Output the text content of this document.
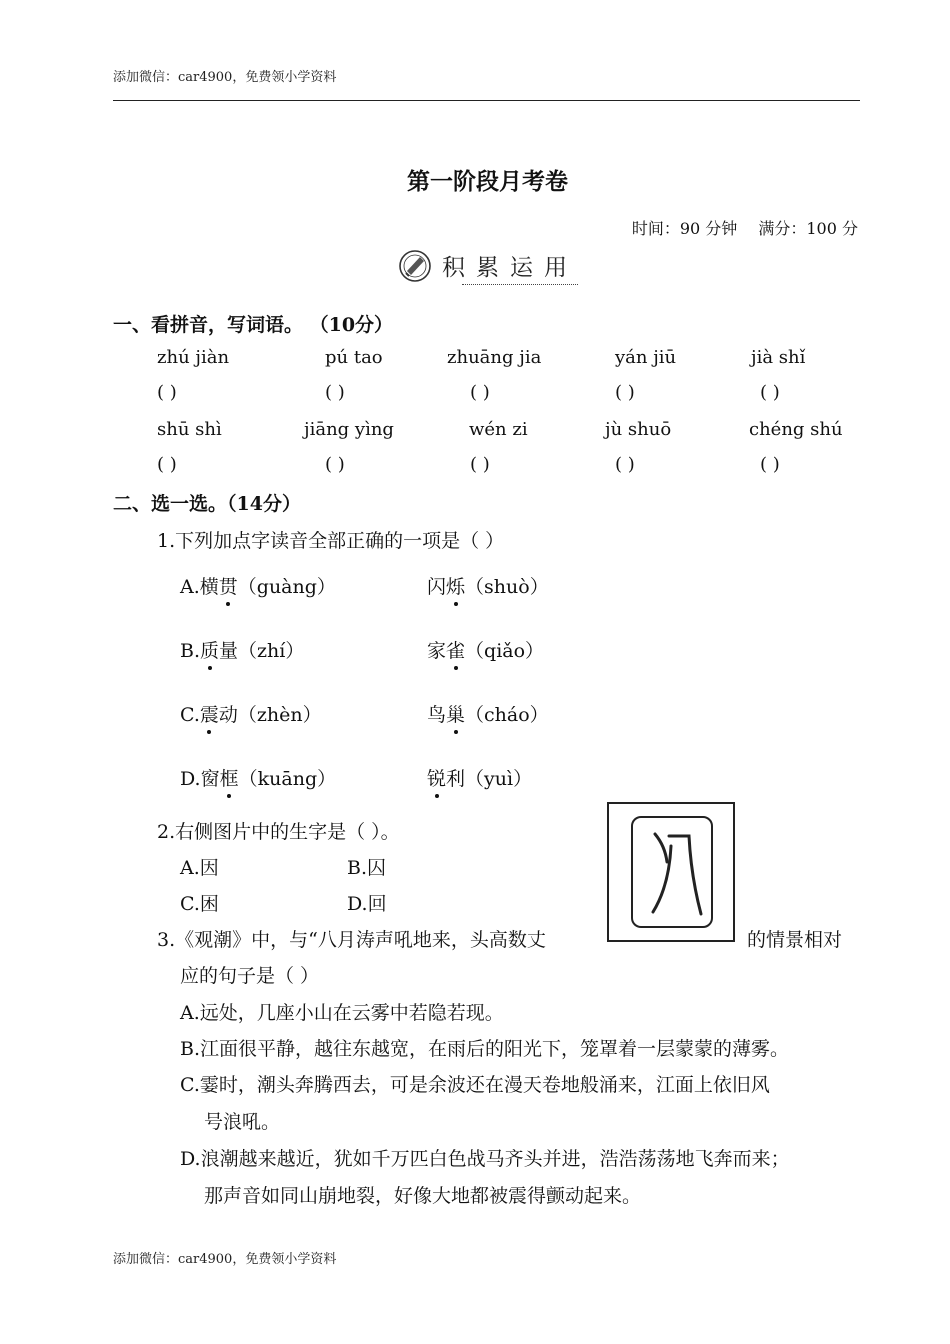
添加微信：car4900，免费领小学资料
第一阶段月考卷
时间：90 分钟 满分：100 分
积累运用
一、看拼音，写词语。 （10分）
zhú jiàn	pú tao	zhuāng jia	yán jiū	jià shǐ
( )	( )	( )	( )	( )
shū shì	jiāng yìng	wén zi	jù shuō	chéng shú
( )	( )	( )	( )	( )
二、选一选。（14分）
1.下列加点字读音全部正确的一项是（ ）
A.横贯（guàng）	闪烁（shuò）
B.质量（zhí）	家雀（qiǎo）
C.震动（zhèn）	鸟巢（cháo）
D.窗框（kuāng）	锐利（yuì）
2.右侧图片中的生字是（ ）。
A.因	B.囚
C.困	D.回
3.《观潮》中，与“八月涛声吼地来，头高数丈	的情景相对
应的句子是（ ）
A.远处，几座小山在云雾中若隐若现。
B.江面很平静，越往东越宽，在雨后的阳光下，笼罩着一层蒙蒙的薄雾。
C.霎时，潮头奔腾西去，可是余波还在漫天卷地般涌来，江面上依旧风
号浪吼。
D.浪潮越来越近，犹如千万匹白色战马齐头并进，浩浩荡荡地飞奔而来；
那声音如同山崩地裂，好像大地都被震得颤动起来。
添加微信：car4900，免费领小学资料
